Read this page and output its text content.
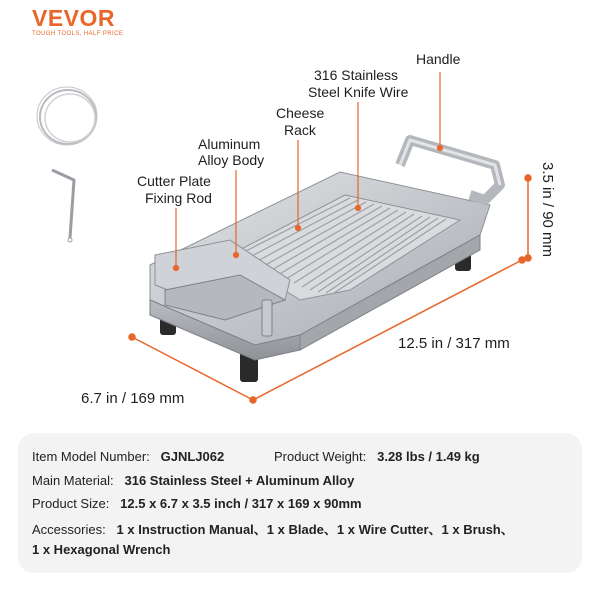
VEVOR
TOUGH TOOLS, HALF PRICE
Handle
316 Stainless
Steel Knife Wire
Cheese
Rack
Aluminum
Alloy Body
Cutter Plate
Fixing Rod	3.5 in / 90 mm
12.5 in / 317 mm
6.7 in / 169 mm
Item Model Number:   GJNLJ062	Product Weight:   3.28 lbs / 1.49 kg
Main Material:   316 Stainless Steel + Aluminum Alloy
Product Size:   12.5 x 6.7 x 3.5 inch / 317 x 169 x 90mm
Accessories:   1 x Instruction Manual、1 x Blade、1 x Wire Cutter、1 x Brush、
1 x Hexagonal Wrench
